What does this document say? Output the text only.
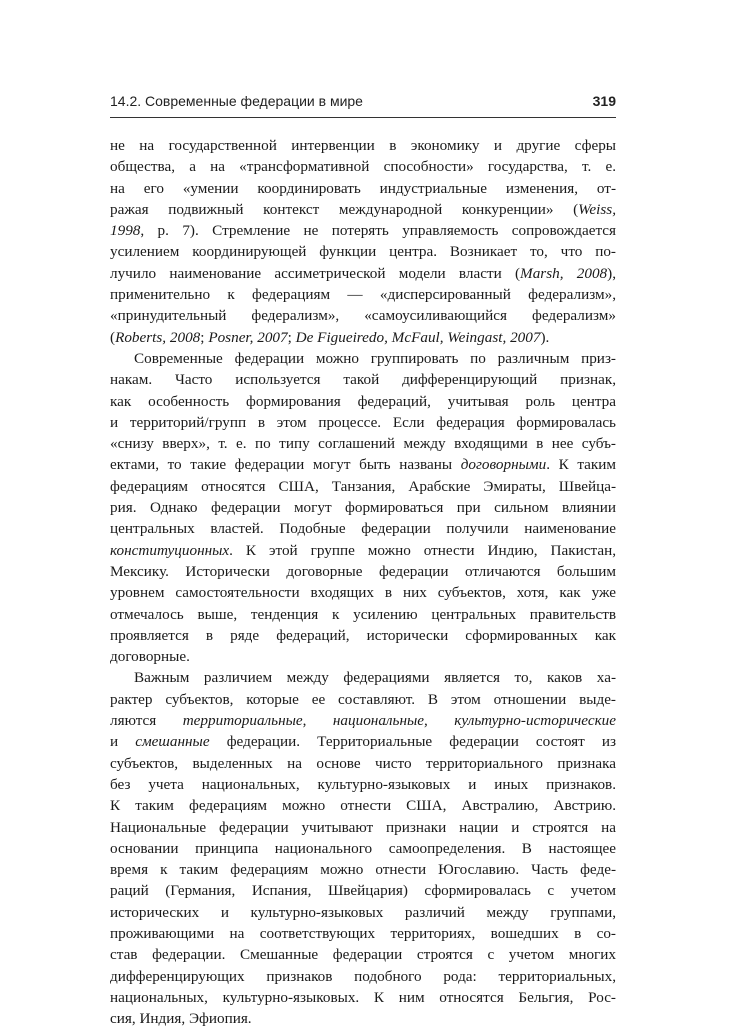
14.2. Современные федерации в мире	319
не на государственной интервенции в экономику и другие сферы
общества, а на «трансформативной способности» государства, т. е.
на его «умении координировать индустриальные изменения, от-
ражая подвижный контекст международной конкуренции» (Weiss,
1998, p. 7). Стремление не потерять управляемость сопровождается
усилением координирующей функции центра. Возникает то, что по-
лучило наименование ассиметрической модели власти (Marsh, 2008),
применительно к федерациям — «дисперсированный федерализм»,
«принудительный федерализм», «самоусиливающийся федерализм»
(Roberts, 2008; Posner, 2007; De Figueiredo, McFaul, Weingast, 2007).
Современные федерации можно группировать по различным приз-
накам. Часто используется такой дифференцирующий признак,
как особенность формирования федераций, учитывая роль центра
и территорий/групп в этом процессе. Если федерация формировалась
«снизу вверх», т. е. по типу соглашений между входящими в нее субъ-
ектами, то такие федерации могут быть названы договорными. К таким
федерациям относятся США, Танзания, Арабские Эмираты, Швейца-
рия. Однако федерации могут формироваться при сильном влиянии
центральных властей. Подобные федерации получили наименование
конституционных. К этой группе можно отнести Индию, Пакистан,
Мексику. Исторически договорные федерации отличаются большим
уровнем самостоятельности входящих в них субъектов, хотя, как уже
отмечалось выше, тенденция к усилению центральных правительств
проявляется в ряде федераций, исторически сформированных как
договорные.
Важным различием между федерациями является то, каков ха-
рактер субъектов, которые ее составляют. В этом отношении выде-
ляются территориальные, национальные, культурно-исторические
и смешанные федерации. Территориальные федерации состоят из
субъектов, выделенных на основе чисто территориального признака
без учета национальных, культурно-языковых и иных признаков.
К таким федерациям можно отнести США, Австралию, Австрию.
Национальные федерации учитывают признаки нации и строятся на
основании принципа национального самоопределения. В настоящее
время к таким федерациям можно отнести Югославию. Часть феде-
раций (Германия, Испания, Швейцария) сформировалась с учетом
исторических и культурно-языковых различий между группами,
проживающими на соответствующих территориях, вошедших в со-
став федерации. Смешанные федерации строятся с учетом многих
дифференцирующих признаков подобного рода: территориальных,
национальных, культурно-языковых. К ним относятся Бельгия, Рос-
сия, Индия, Эфиопия.
